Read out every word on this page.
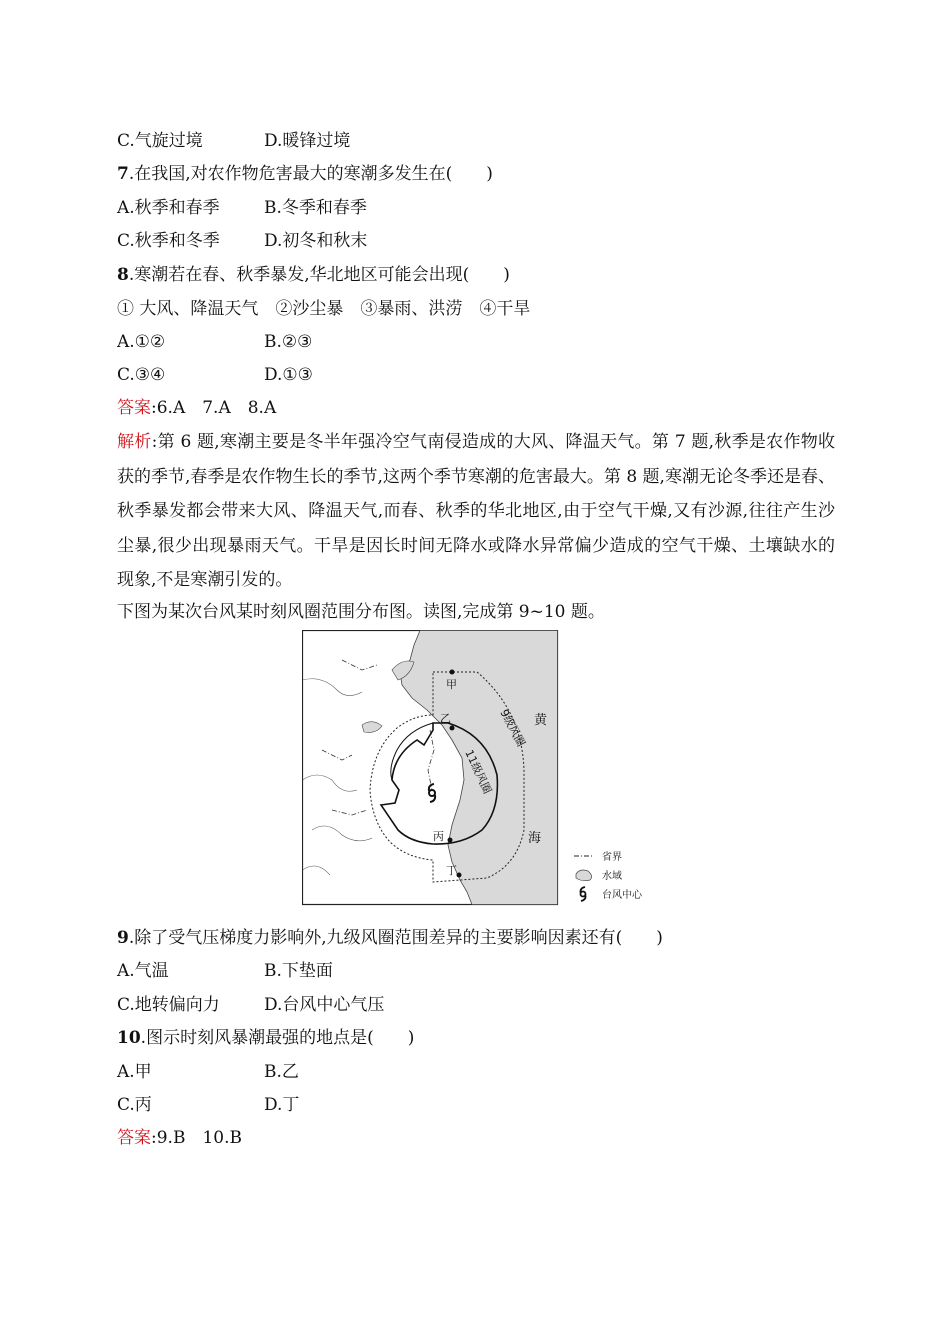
C.气旋过境	D.暖锋过境
7.在我国,对农作物危害最大的寒潮多发生在(　　)
A.秋季和春季	B.冬季和春季
C.秋季和冬季	D.初冬和秋末
8.寒潮若在春、秋季暴发,华北地区可能会出现(　　)
① 大风、降温天气　②沙尘暴　③暴雨、洪涝　④干旱
A.①②	B.②③
C.③④	D.①③
答案:6.A　7.A　8.A
解析:第 6 题,寒潮主要是冬半年强冷空气南侵造成的大风、降温天气。第 7 题,秋季是农作物收获的季节,春季是农作物生长的季节,这两个季节寒潮的危害最大。第 8 题,寒潮无论冬季还是春、秋季暴发都会带来大风、降温天气,而春、秋季的华北地区,由于空气干燥,又有沙源,往往产生沙尘暴,很少出现暴雨天气。干旱是因长时间无降水或降水异常偏少造成的空气干燥、土壤缺水的现象,不是寒潮引发的。
下图为某次台风某时刻风圈范围分布图。读图,完成第 9~10 题。
甲
乙
丙
丁
黄
海
9级风圈
11级风圈
省界
水域
台风中心
9.除了受气压梯度力影响外,九级风圈范围差异的主要影响因素还有(　　)
A.气温	B.下垫面
C.地转偏向力	D.台风中心气压
10.图示时刻风暴潮最强的地点是(　　)
A.甲	B.乙
C.丙	D.丁
答案:9.B　10.B
